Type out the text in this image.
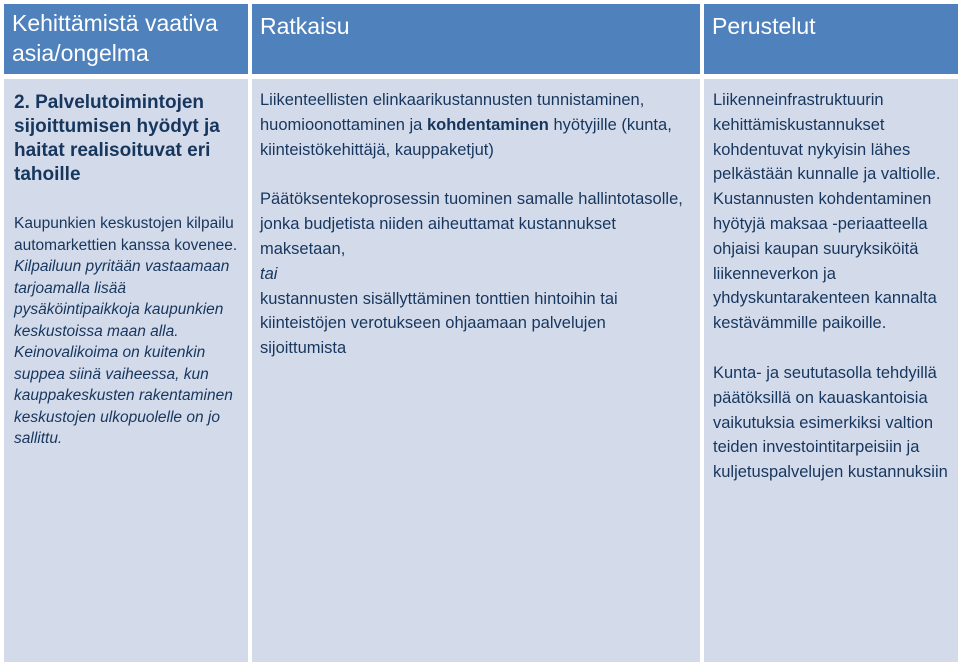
Kehittämistä vaativa asia/ongelma
Ratkaisu	Perustelut

2. Palvelutoimintojen sijoittumisen hyödyt ja haitat realisoituvat eri tahoille

Kaupunkien keskustojen kilpailu automarkettien kanssa kovenee. Kilpailuun pyritään vastaamaan tarjoamalla lisää pysäköintipaikkoja kaupunkien keskustoissa maan alla. Keinovalikoima on kuitenkin suppea siinä vaiheessa, kun kauppakeskusten rakentaminen keskustojen ulkopuolelle on jo sallittu.

Liikenteellisten elinkaarikustannusten tunnistaminen, huomioonottaminen ja kohdentaminen hyötyjille (kunta, kiinteistökehittäjä, kauppaketjut)

Päätöksentekoprosessin tuominen samalle hallintotasolle, jonka budjetista niiden aiheuttamat kustannukset maksetaan,

tai

kustannusten sisällyttäminen tonttien hintoihin tai kiinteistöjen verotukseen ohjaamaan palvelujen sijoittumista

Liikenneinfrastruktuurin kehittämiskustannukset kohdentuvat nykyisin lähes pelkästään kunnalle ja valtiolle. Kustannusten kohdentaminen hyötyjä maksaa -periaatteella ohjaisi kaupan suuryksiköitä liikenneverkon ja yhdyskuntarakenteen kannalta kestävämmille paikoille.

Kunta- ja seututasolla tehdyillä päätöksillä on kauaskantoisia vaikutuksia esimerkiksi valtion teiden investointitarpeisiin ja kuljetuspalvelujen kustannuksiin
